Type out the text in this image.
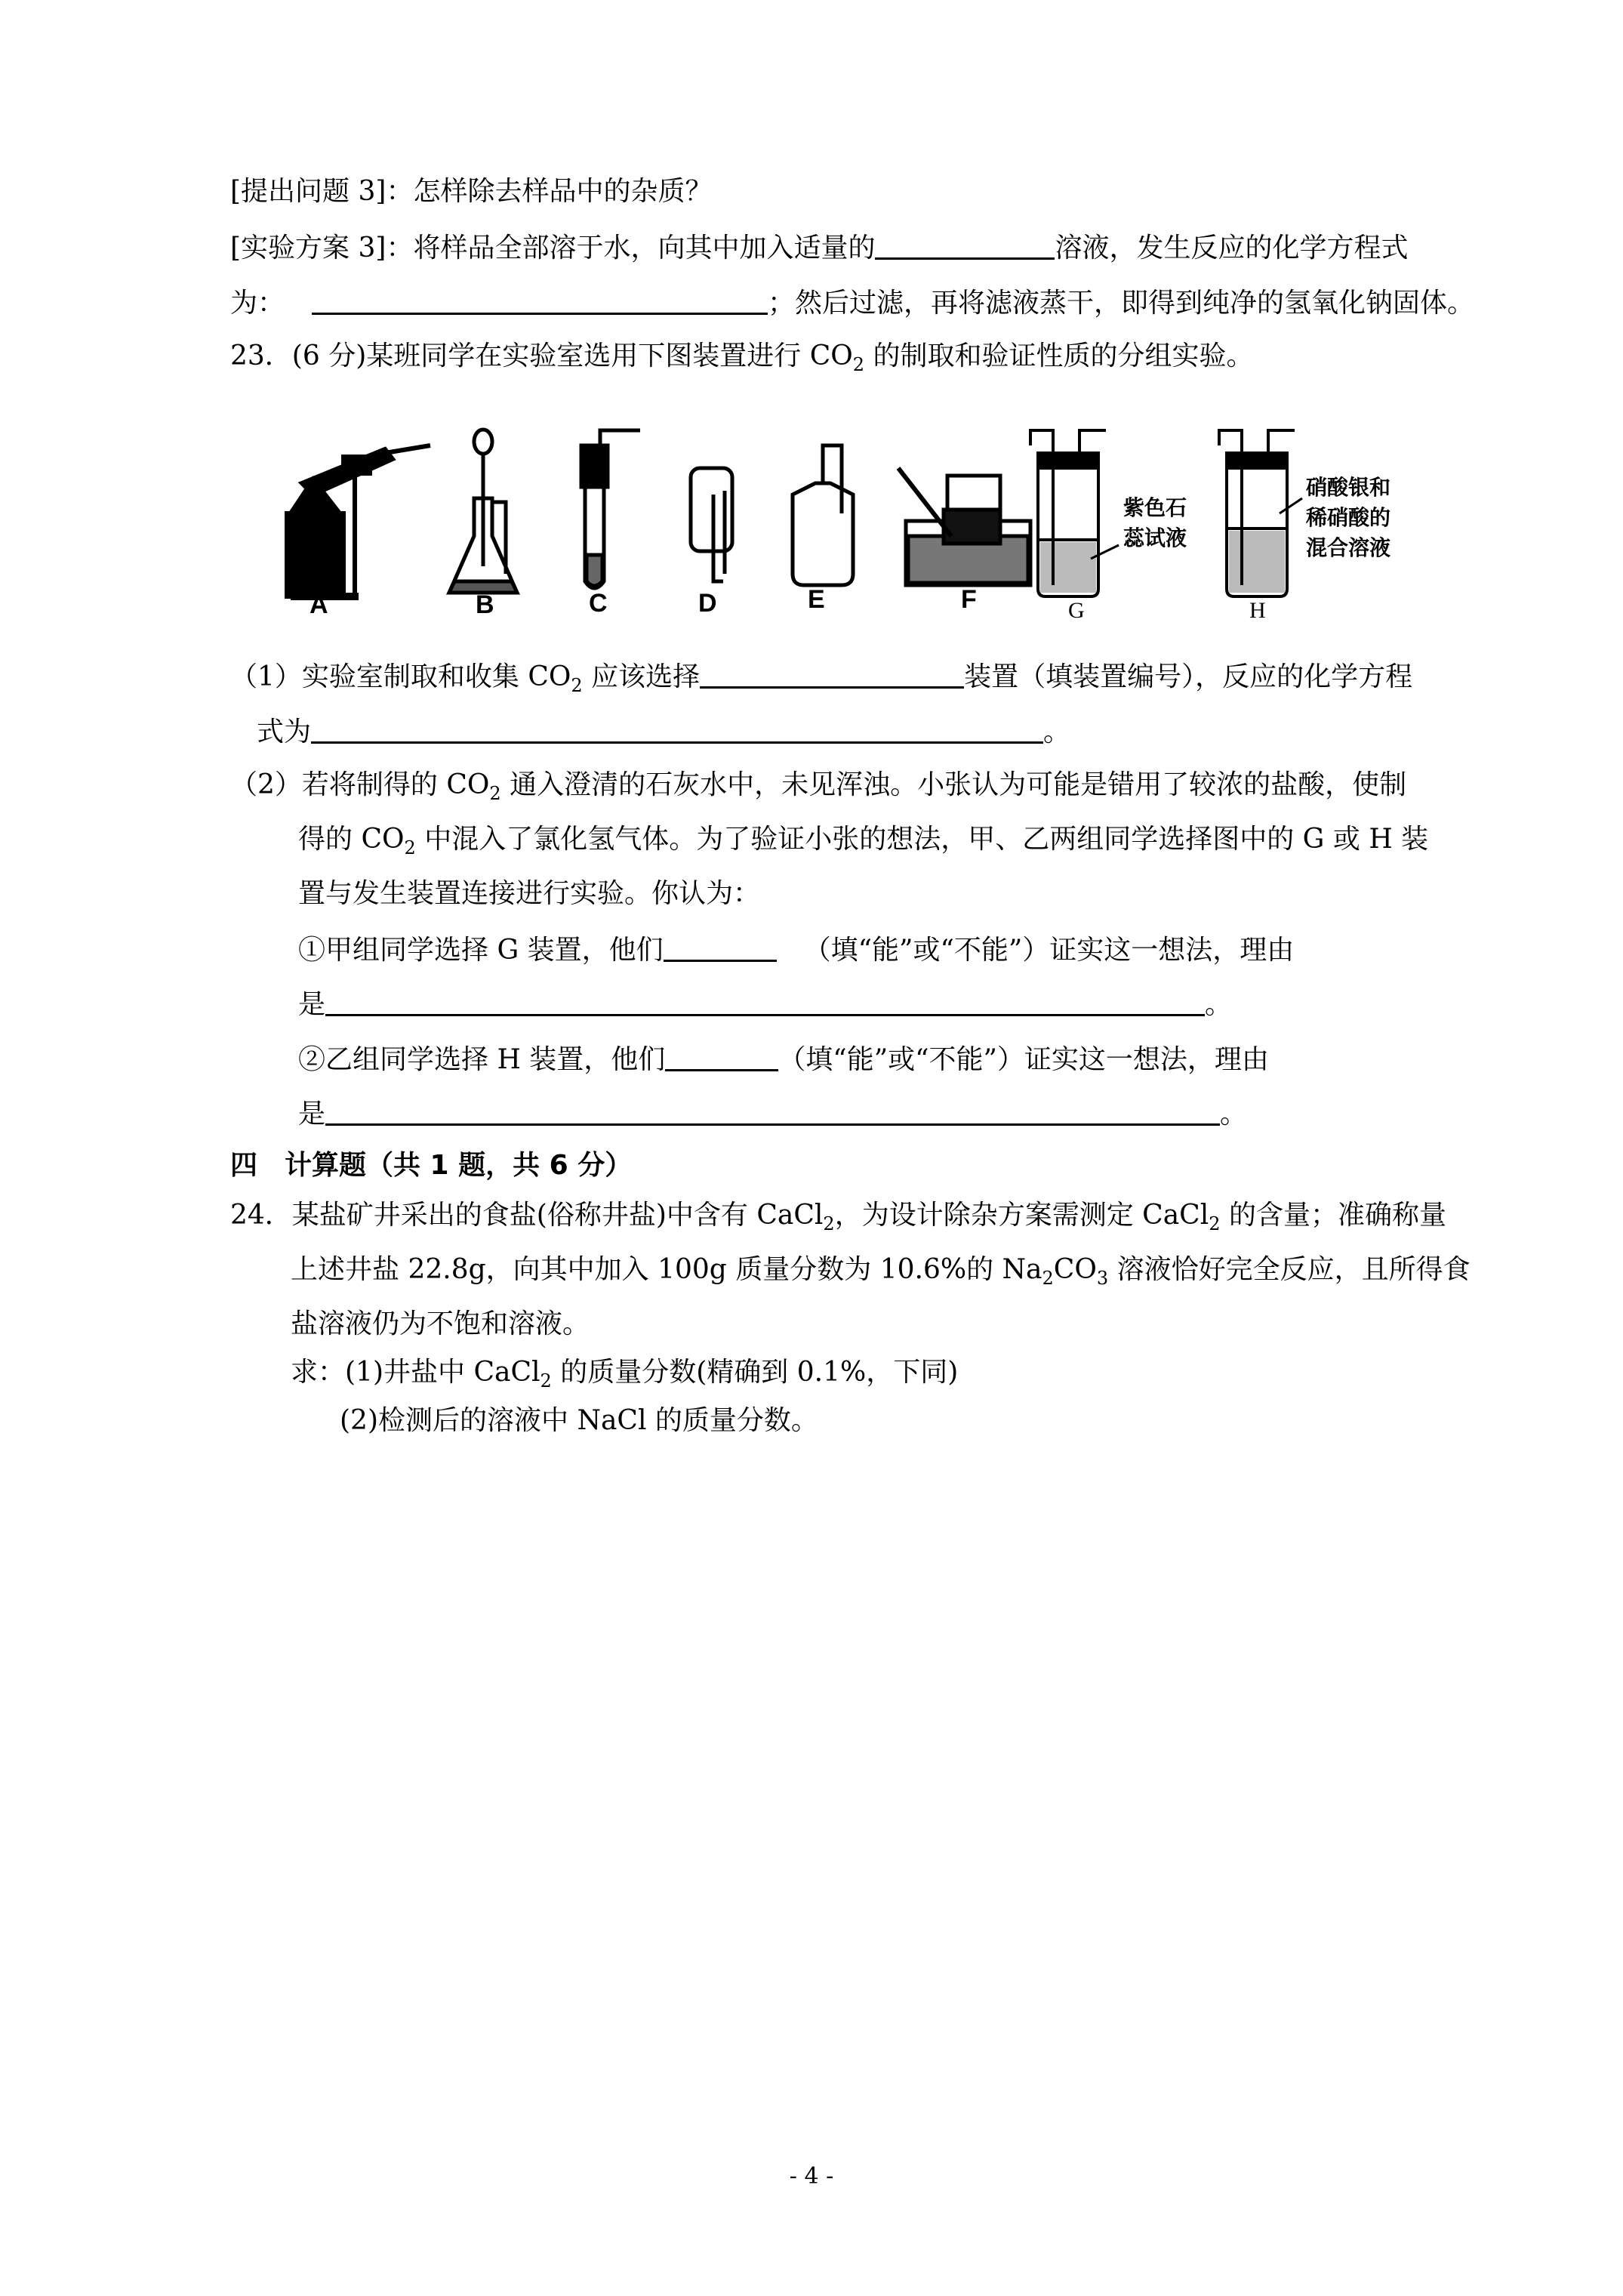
[提出问题 3]：怎样除去样品中的杂质？
[实验方案 3]：将样品全部溶于水，向其中加入适量的	溶液，发生反应的化学方程式
为：	；然后过滤，再将滤液蒸干，即得到纯净的氢氧化钠固体。
23．(6 分)某班同学在实验室选用下图装置进行 $CO_2$ 的制取和验证性质的分组实验。
紫色石
蕊试液
硝酸银和
稀硝酸的
混合溶液
A	B	C	D	E	F	G	H
（1）实验室制取和收集 $CO_2$ 应该选择	装置（填装置编号），反应的化学方程
式为	。
（2）若将制得的 $CO_2$ 通入澄清的石灰水中，未见浑浊。小张认为可能是错用了较浓的盐酸，使制
得的 $CO_2$ 中混入了氯化氢气体。为了验证小张的想法，甲、乙两组同学选择图中的 G 或 H 装
置与发生装置连接进行实验。你认为：
①甲组同学选择 G 装置，他们	（填“能”或“不能”）证实这一想法，理由
是	。
②乙组同学选择 H 装置，他们	（填“能”或“不能”）证实这一想法，理由
是	。
四　计算题（共 1 题，共 6 分）
24．某盐矿井采出的食盐(俗称井盐)中含有 CaCl$_2$，为设计除杂方案需测定 CaCl$_2$ 的含量；准确称量
上述井盐 22.8g，向其中加入 100g 质量分数为 10.6%的 $Na_2CO_3$ 溶液恰好完全反应，且所得食
盐溶液仍为不饱和溶液。
求：(1)井盐中 CaCl$_2$ 的质量分数(精确到 0.1%，下同)
(2)检测后的溶液中 NaCl 的质量分数。
- 4 -
